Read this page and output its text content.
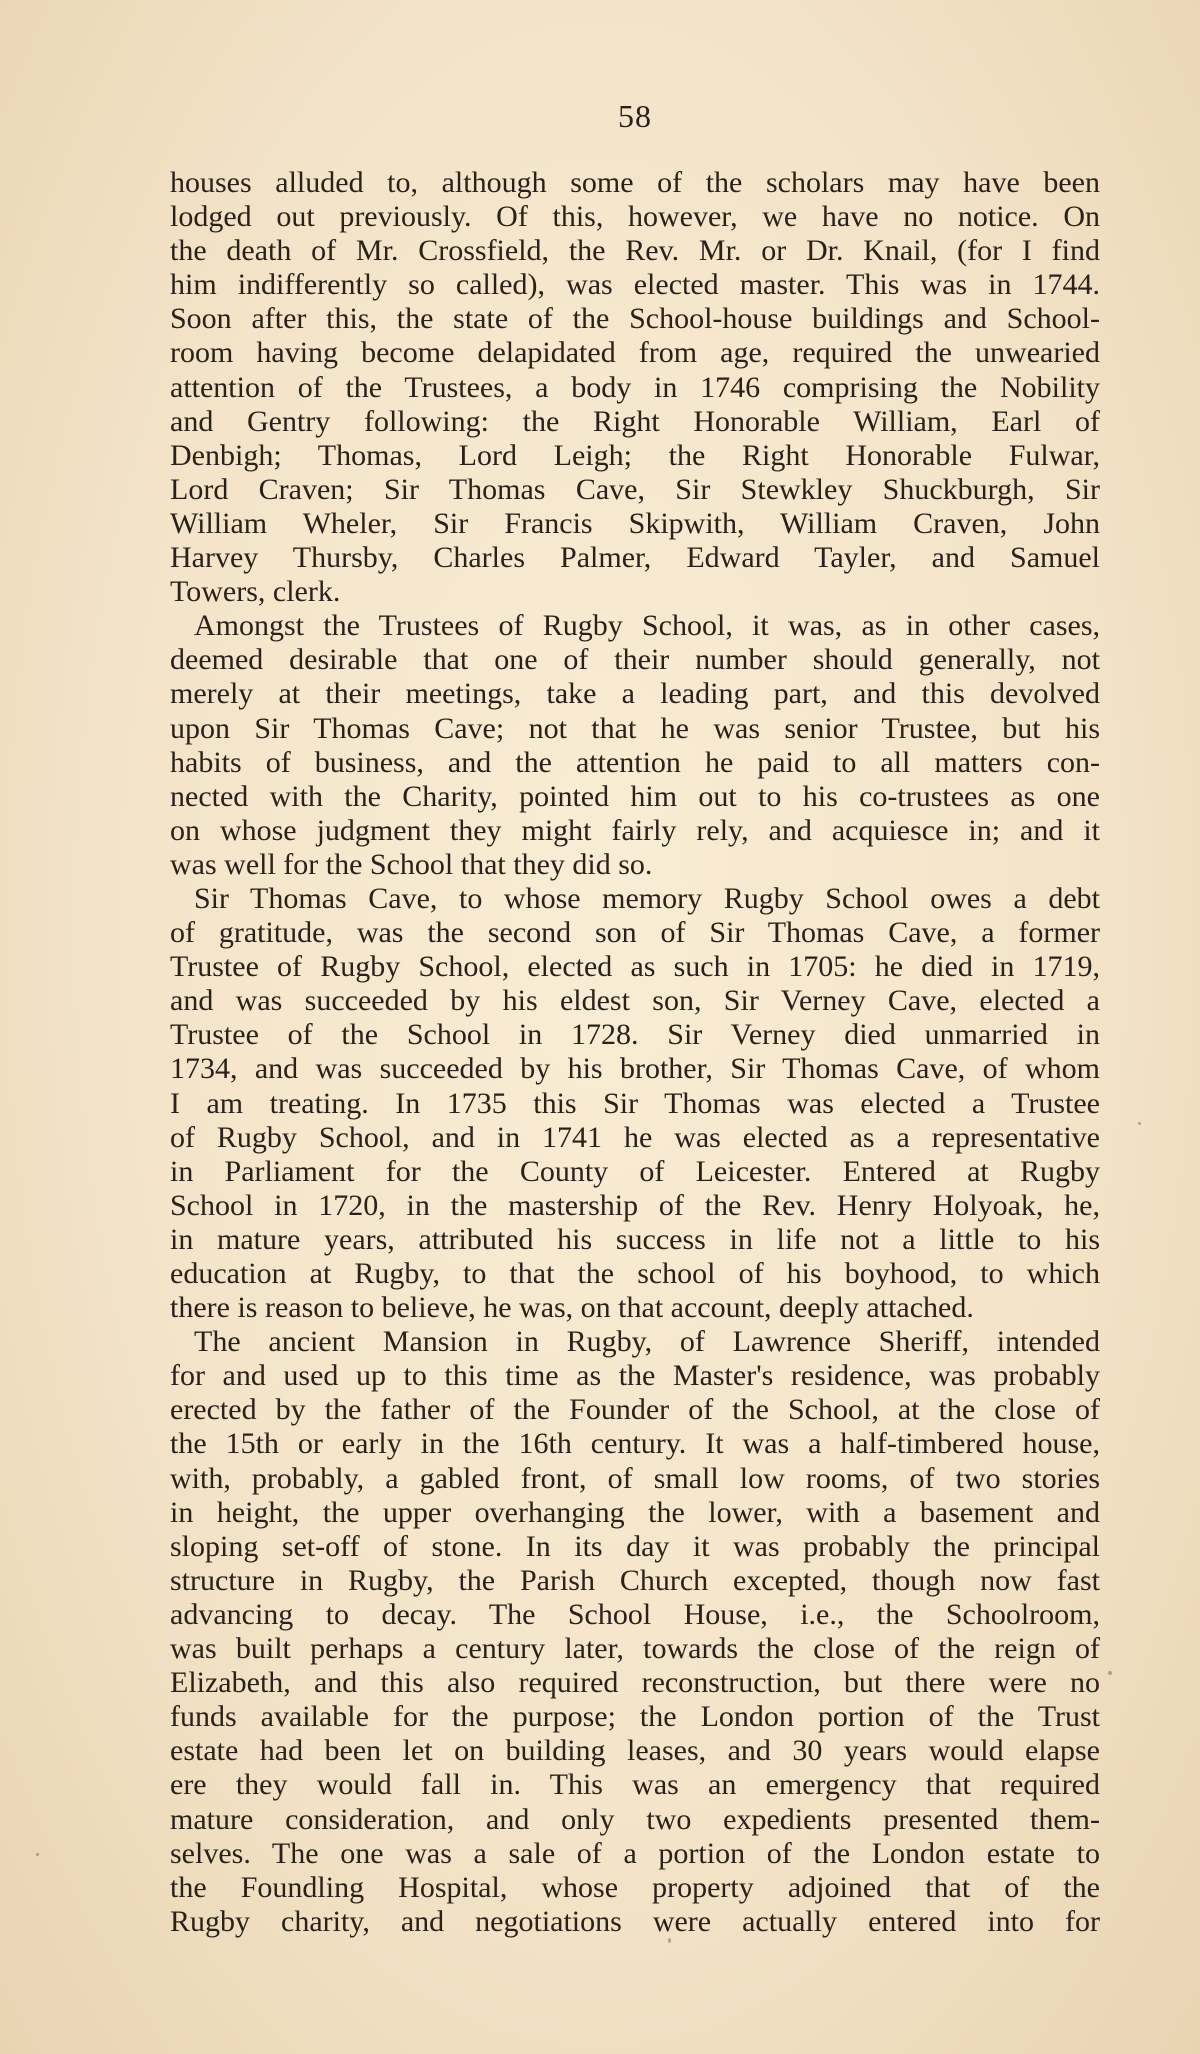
58

houses alluded to, although some of the scholars may have been
lodged out previously. Of this, however, we have no notice. On
the death of Mr. Crossfield, the Rev. Mr. or Dr. Knail, (for I find
him indifferently so called), was elected master. This was in 1744.
Soon after this, the state of the School-house buildings and School-
room having become delapidated from age, required the unwearied
attention of the Trustees, a body in 1746 comprising the Nobility
and Gentry following: the Right Honorable William, Earl of
Denbigh; Thomas, Lord Leigh; the Right Honorable Fulwar,
Lord Craven; Sir Thomas Cave, Sir Stewkley Shuckburgh, Sir
William Wheler, Sir Francis Skipwith, William Craven, John
Harvey Thursby, Charles Palmer, Edward Tayler, and Samuel
Towers, clerk.

Amongst the Trustees of Rugby School, it was, as in other cases,
deemed desirable that one of their number should generally, not
merely at their meetings, take a leading part, and this devolved
upon Sir Thomas Cave; not that he was senior Trustee, but his
habits of business, and the attention he paid to all matters con-
nected with the Charity, pointed him out to his co-trustees as one
on whose judgment they might fairly rely, and acquiesce in; and it
was well for the School that they did so.

Sir Thomas Cave, to whose memory Rugby School owes a debt
of gratitude, was the second son of Sir Thomas Cave, a former
Trustee of Rugby School, elected as such in 1705: he died in 1719,
and was succeeded by his eldest son, Sir Verney Cave, elected a
Trustee of the School in 1728. Sir Verney died unmarried in
1734, and was succeeded by his brother, Sir Thomas Cave, of whom
I am treating. In 1735 this Sir Thomas was elected a Trustee
of Rugby School, and in 1741 he was elected as a representative
in Parliament for the County of Leicester. Entered at Rugby
School in 1720, in the mastership of the Rev. Henry Holyoak, he,
in mature years, attributed his success in life not a little to his
education at Rugby, to that the school of his boyhood, to which
there is reason to believe, he was, on that account, deeply attached.

The ancient Mansion in Rugby, of Lawrence Sheriff, intended
for and used up to this time as the Master's residence, was probably
erected by the father of the Founder of the School, at the close of
the 15th or early in the 16th century. It was a half-timbered house,
with, probably, a gabled front, of small low rooms, of two stories
in height, the upper overhanging the lower, with a basement and
sloping set-off of stone. In its day it was probably the principal
structure in Rugby, the Parish Church excepted, though now fast
advancing to decay. The School House, i.e., the Schoolroom,
was built perhaps a century later, towards the close of the reign of
Elizabeth, and this also required reconstruction, but there were no
funds available for the purpose; the London portion of the Trust
estate had been let on building leases, and 30 years would elapse
ere they would fall in. This was an emergency that required
mature consideration, and only two expedients presented them-
selves. The one was a sale of a portion of the London estate to
the Foundling Hospital, whose property adjoined that of the
Rugby charity, and negotiations were actually entered into for
